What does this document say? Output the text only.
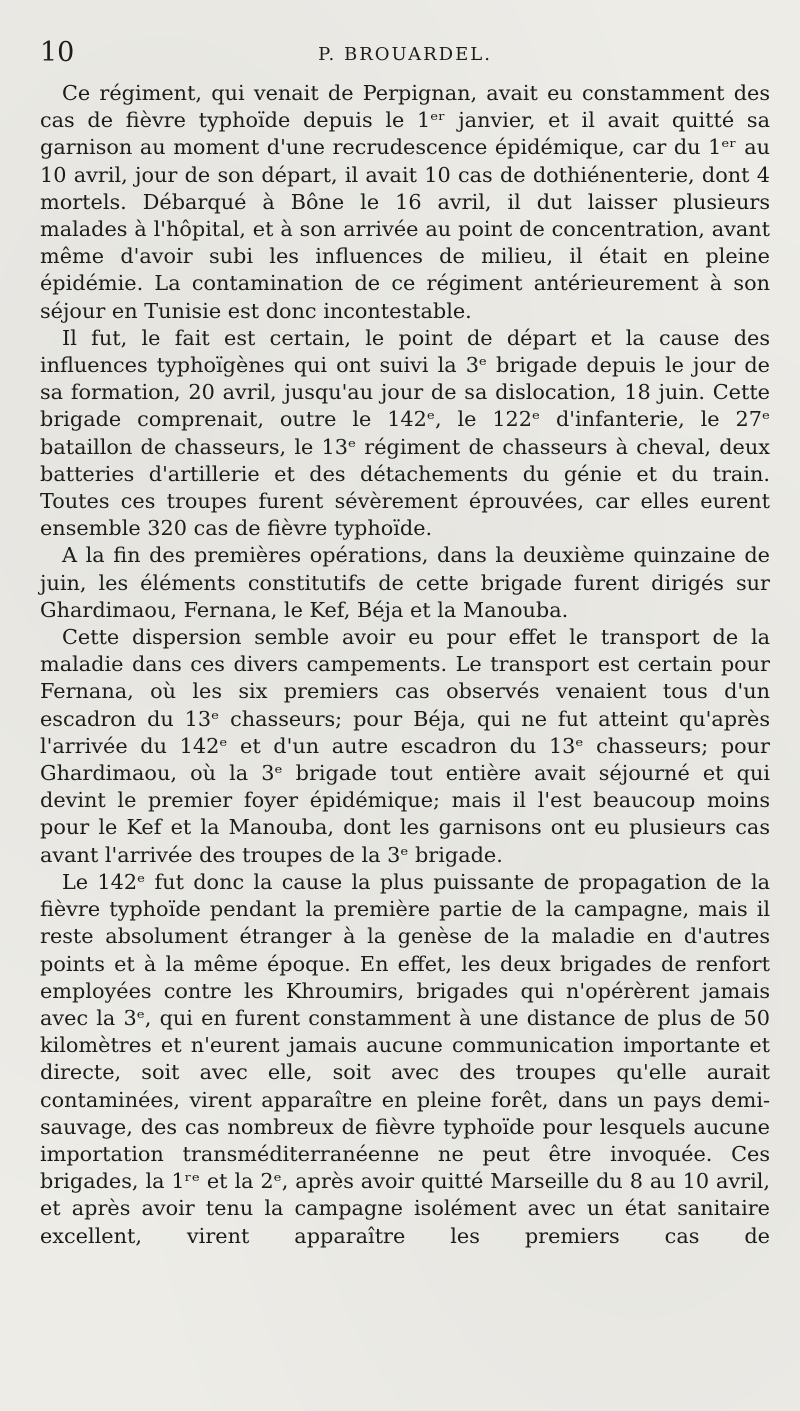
10	P. BROUARDEL.

Ce régiment, qui venait de Perpignan, avait eu constamment des cas de fièvre typhoïde depuis le 1ᵉʳ janvier, et il avait quitté sa garnison au moment d'une recrudescence épidémique, car du 1ᵉʳ au 10 avril, jour de son départ, il avait 10 cas de dothiénenterie, dont 4 mortels. Débarqué à Bône le 16 avril, il dut laisser plusieurs malades à l'hôpital, et à son arrivée au point de concentration, avant même d'avoir subi les influences de milieu, il était en pleine épidémie. La contamination de ce régiment antérieurement à son séjour en Tunisie est donc incontestable.

Il fut, le fait est certain, le point de départ et la cause des influences typhoïgènes qui ont suivi la 3ᵉ brigade depuis le jour de sa formation, 20 avril, jusqu'au jour de sa dislocation, 18 juin. Cette brigade comprenait, outre le 142ᵉ, le 122ᵉ d'infanterie, le 27ᵉ bataillon de chasseurs, le 13ᵉ régiment de chasseurs à cheval, deux batteries d'artillerie et des détachements du génie et du train. Toutes ces troupes furent sévèrement éprouvées, car elles eurent ensemble 320 cas de fièvre typhoïde.

A la fin des premières opérations, dans la deuxième quinzaine de juin, les éléments constitutifs de cette brigade furent dirigés sur Ghardimaou, Fernana, le Kef, Béja et la Manouba.

Cette dispersion semble avoir eu pour effet le transport de la maladie dans ces divers campements. Le transport est certain pour Fernana, où les six premiers cas observés venaient tous d'un escadron du 13ᵉ chasseurs; pour Béja, qui ne fut atteint qu'après l'arrivée du 142ᵉ et d'un autre escadron du 13ᵉ chasseurs; pour Ghardimaou, où la 3ᵉ brigade tout entière avait séjourné et qui devint le premier foyer épidémique; mais il l'est beaucoup moins pour le Kef et la Manouba, dont les garnisons ont eu plusieurs cas avant l'arrivée des troupes de la 3ᵉ brigade.

Le 142ᵉ fut donc la cause la plus puissante de propagation de la fièvre typhoïde pendant la première partie de la campagne, mais il reste absolument étranger à la genèse de la maladie en d'autres points et à la même époque. En effet, les deux brigades de renfort employées contre les Khroumirs, brigades qui n'opérèrent jamais avec la 3ᵉ, qui en furent constamment à une distance de plus de 50 kilomètres et n'eurent jamais aucune communication importante et directe, soit avec elle, soit avec des troupes qu'elle aurait contaminées, virent apparaître en pleine forêt, dans un pays demi-sauvage, des cas nombreux de fièvre typhoïde pour lesquels aucune importation transméditerranéenne ne peut être invoquée. Ces brigades, la 1ʳᵉ et la 2ᵉ, après avoir quitté Marseille du 8 au 10 avril, et après avoir tenu la campagne isolément avec un état sanitaire excellent, virent apparaître les premiers cas de
